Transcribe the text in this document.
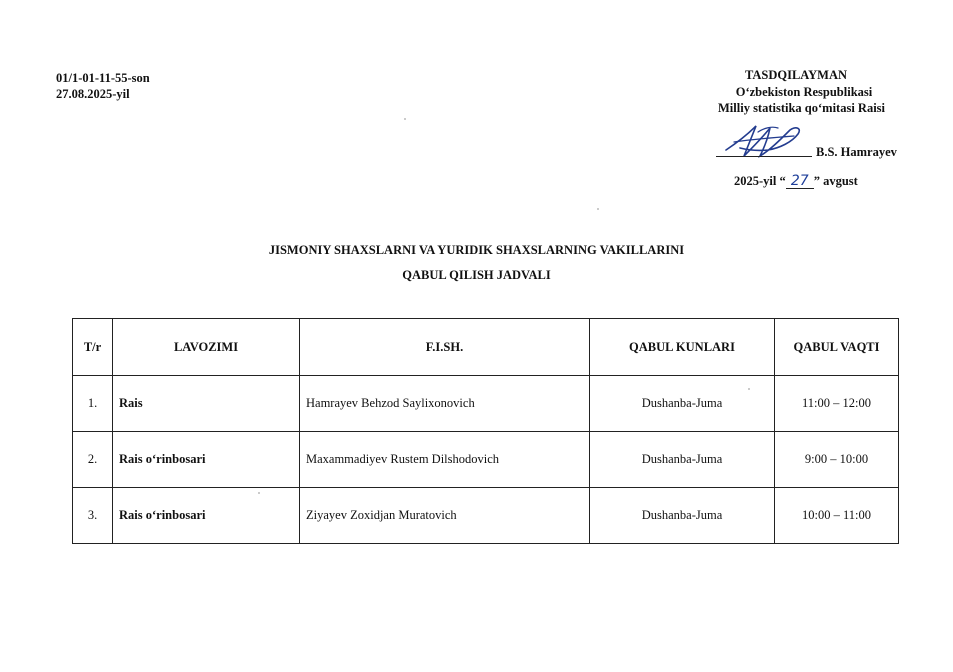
01/1-01-11-55-son
27.08.2025-yil
TASDQILAYMAN
O‘zbekiston Respublikasi
Milliy statistika qo‘mitasi Raisi
B.S. Hamrayev
2025-yil “ 27 ” avgust
JISMONIY SHAXSLARNI VA YURIDIK SHAXSLARNING VAKILLARINI
QABUL QILISH JADVALI
T/r	LAVOZIMI	F.I.SH.	QABUL KUNLARI	QABUL VAQTI
1.	Rais	Hamrayev Behzod Saylixonovich	Dushanba-Juma	11:00 – 12:00
2.	Rais o‘rinbosari	Maxammadiyev Rustem Dilshodovich	Dushanba-Juma	9:00 – 10:00
3.	Rais o‘rinbosari	Ziyayev Zoxidjan Muratovich	Dushanba-Juma	10:00 – 11:00
